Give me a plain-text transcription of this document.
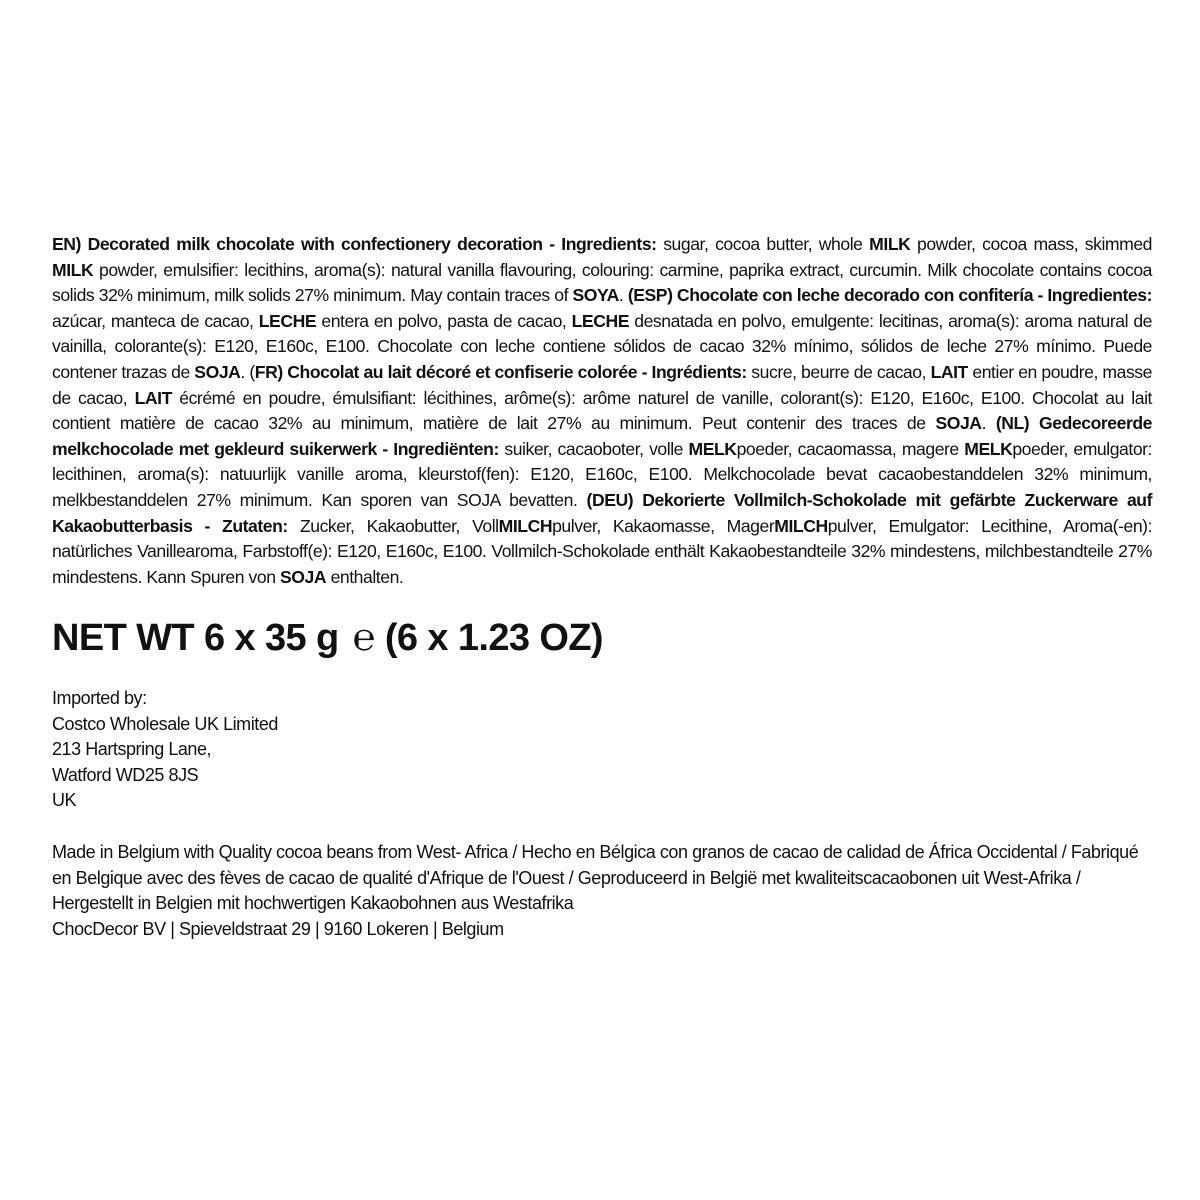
EN) Decorated milk chocolate with confectionery decoration - Ingredients: sugar, cocoa butter, whole MILK powder, cocoa mass, skimmed MILK powder, emulsifier: lecithins, aroma(s): natural vanilla flavouring, colouring: carmine, paprika extract, curcumin. Milk chocolate contains cocoa solids 32% minimum, milk solids 27% minimum. May contain traces of SOYA. (ESP) Chocolate con leche decorado con confitería - Ingredientes: azúcar, manteca de cacao, LECHE entera en polvo, pasta de cacao, LECHE desnatada en polvo, emulgente: lecitinas, aroma(s): aroma natural de vainilla, colorante(s): E120, E160c, E100. Chocolate con leche contiene sólidos de cacao 32% mínimo, sólidos de leche 27% mínimo. Puede contener trazas de SOJA. (FR) Chocolat au lait décoré et confiserie colorée - Ingrédients: sucre, beurre de cacao, LAIT entier en poudre, masse de cacao, LAIT écrémé en poudre, émulsifiant: lécithines, arôme(s): arôme naturel de vanille, colorant(s): E120, E160c, E100. Chocolat au lait contient matière de cacao 32% au minimum, matière de lait 27% au minimum. Peut contenir des traces de SOJA. (NL) Gedecoreerde melkchocolade met gekleurd suikerwerk - Ingrediënten: suiker, cacaoboter, volle MELKpoeder, cacaomassa, magere MELKpoeder, emulgator: lecithinen, aroma(s): natuurlijk vanille aroma, kleurstof(fen): E120, E160c, E100. Melkchocolade bevat cacaobestanddelen 32% minimum, melkbestanddelen 27% minimum. Kan sporen van SOJA bevatten. (DEU) Dekorierte Vollmilch-Schokolade mit gefärbte Zuckerware auf Kakaobutterbasis - Zutaten: Zucker, Kakaobutter, VollMILCHpulver, Kakaomasse, MagerMILCHpulver, Emulgator: Lecithine, Aroma(-en): natürliches Vanillearoma, Farbstoff(e): E120, E160c, E100. Vollmilch-Schokolade enthält Kakaobestandteile 32% mindestens, milchbestandteile 27% mindestens. Kann Spuren von SOJA enthalten.

NET WT 6 x 35 g ℮ (6 x 1.23 OZ)
Imported by:
Costco Wholesale UK Limited
213 Hartspring Lane,
Watford WD25 8JS
UK
Made in Belgium with Quality cocoa beans from West- Africa / Hecho en Bélgica con granos de cacao de calidad de África Occidental / Fabriqué en Belgique avec des fèves de cacao de qualité d'Afrique de l'Ouest / Geproduceerd in België met kwaliteitscacaobonen uit West-Afrika / Hergestellt in Belgien mit hochwertigen Kakaobohnen aus Westafrika
ChocDecor BV | Spieveldstraat 29 | 9160 Lokeren | Belgium
